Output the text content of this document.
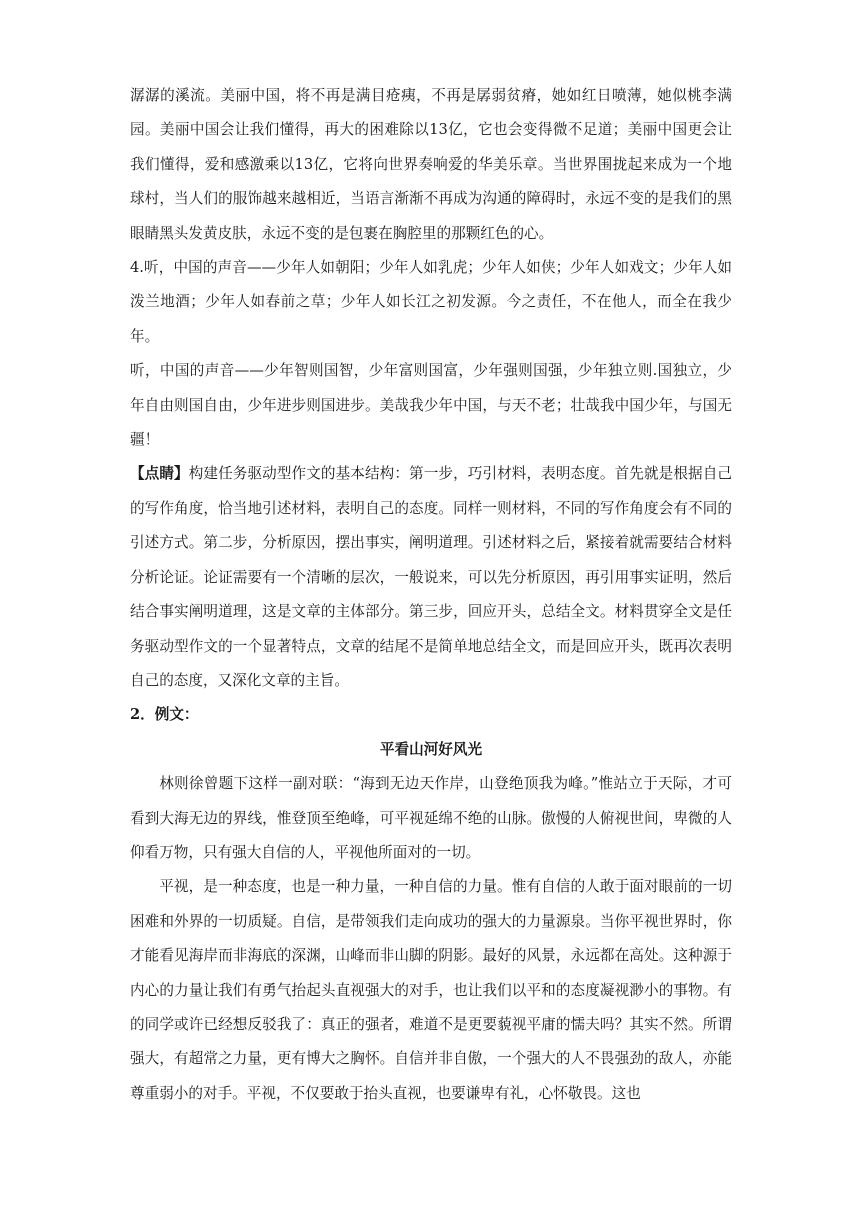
潺潺的溪流。美丽中国，将不再是满目疮痍，不再是孱弱贫瘠，她如红日喷薄，她似桃李满园。美丽中国会让我们懂得，再大的困难除以13亿，它也会变得微不足道；美丽中国更会让我们懂得，爱和感激乘以13亿，它将向世界奏响爱的华美乐章。当世界围拢起来成为一个地球村，当人们的服饰越来越相近，当语言渐渐不再成为沟通的障碍时，永远不变的是我们的黑眼睛黑头发黄皮肤，永远不变的是包裹在胸腔里的那颗红色的心。

4.听，中国的声音——少年人如朝阳；少年人如乳虎；少年人如侠；少年人如戏文；少年人如泼兰地酒；少年人如春前之草；少年人如长江之初发源。今之责任，不在他人，而全在我少年。

听，中国的声音——少年智则国智，少年富则国富，少年强则国强，少年独立则.国独立，少年自由则国自由，少年进步则国进步。美哉我少年中国，与天不老；壮哉我中国少年，与国无疆！

【点睛】构建任务驱动型作文的基本结构：第一步，巧引材料，表明态度。首先就是根据自己的写作角度，恰当地引述材料，表明自己的态度。同样一则材料，不同的写作角度会有不同的引述方式。第二步，分析原因，摆出事实，阐明道理。引述材料之后，紧接着就需要结合材料分析论证。论证需要有一个清晰的层次，一般说来，可以先分析原因，再引用事实证明，然后结合事实阐明道理，这是文章的主体部分。第三步，回应开头，总结全文。材料贯穿全文是任务驱动型作文的一个显著特点，文章的结尾不是简单地总结全文，而是回应开头，既再次表明自己的态度，又深化文章的主旨。

2．例文：

平看山河好风光

林则徐曾题下这样一副对联：“海到无边天作岸，山登绝顶我为峰。”惟站立于天际，才可看到大海无边的界线，惟登顶至绝峰，可平视延绵不绝的山脉。傲慢的人俯视世间，卑微的人仰看万物，只有强大自信的人，平视他所面对的一切。

平视，是一种态度，也是一种力量，一种自信的力量。惟有自信的人敢于面对眼前的一切困难和外界的一切质疑。自信，是带领我们走向成功的强大的力量源泉。当你平视世界时，你才能看见海岸而非海底的深渊，山峰而非山脚的阴影。最好的风景，永远都在高处。这种源于内心的力量让我们有勇气抬起头直视强大的对手，也让我们以平和的态度凝视渺小的事物。有的同学或许已经想反驳我了：真正的强者，难道不是更要藐视平庸的懦夫吗？其实不然。所谓强大，有超常之力量，更有博大之胸怀。自信并非自傲，一个强大的人不畏强劲的敌人，亦能尊重弱小的对手。平视，不仅要敢于抬头直视，也要谦卑有礼，心怀敬畏。这也
